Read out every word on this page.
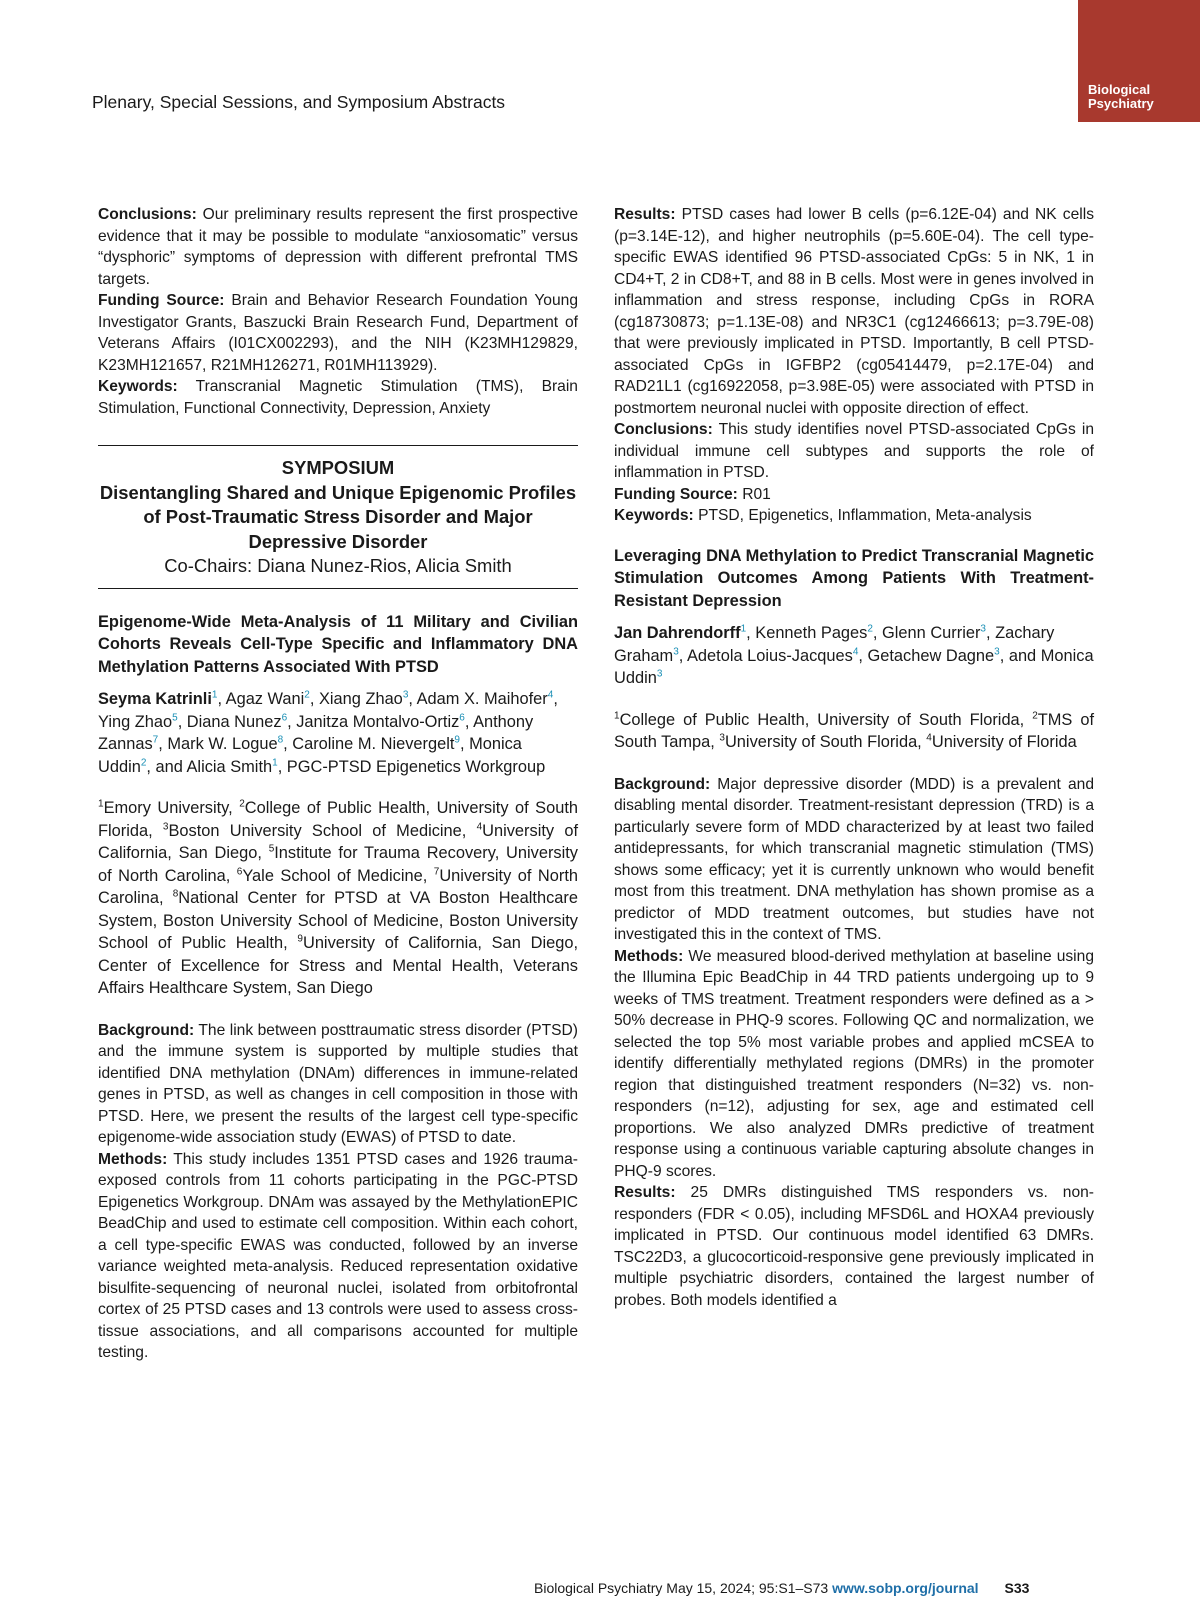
Biological
Psychiatry
Plenary, Special Sessions, and Symposium Abstracts

Conclusions: Our preliminary results represent the first prospective evidence that it may be possible to modulate “anxiosomatic” versus “dysphoric” symptoms of depression with different prefrontal TMS targets.

Funding Source: Brain and Behavior Research Foundation Young Investigator Grants, Baszucki Brain Research Fund, Department of Veterans Affairs (I01CX002293), and the NIH (K23MH129829, K23MH121657, R21MH126271, R01MH113929).

Keywords: Transcranial Magnetic Stimulation (TMS), Brain Stimulation, Functional Connectivity, Depression, Anxiety

SYMPOSIUM
Disentangling Shared and Unique Epigenomic Profiles of Post-Traumatic Stress Disorder and Major Depressive Disorder
Co-Chairs: Diana Nunez-Rios, Alicia Smith
Epigenome-Wide Meta-Analysis of 11 Military and Civilian Cohorts Reveals Cell-Type Specific and Inflammatory DNA Methylation Patterns Associated With PTSD
Seyma Katrinli$^1$, Agaz Wani$^2$, Xiang Zhao$^3$, Adam X. Maihofer$^4$, Ying Zhao$^5$, Diana Nunez$^6$, Janitza Montalvo-Ortiz$^6$, Anthony Zannas$^7$, Mark W. Logue$^8$, Caroline M. Nievergelt$^9$, Monica Uddin$^2$, and Alicia Smith$^1$, PGC-PTSD Epigenetics Workgroup
$^1$Emory University, $^2$College of Public Health, University of South Florida, $^3$Boston University School of Medicine, $^4$University of California, San Diego, $^5$Institute for Trauma Recovery, University of North Carolina, $^6$Yale School of Medicine, $^7$University of North Carolina, $^8$National Center for PTSD at VA Boston Healthcare System, Boston University School of Medicine, Boston University School of Public Health, $^9$University of California, San Diego, Center of Excellence for Stress and Mental Health, Veterans Affairs Healthcare System, San Diego

Background: The link between posttraumatic stress disorder (PTSD) and the immune system is supported by multiple studies that identified DNA methylation (DNAm) differences in immune-related genes in PTSD, as well as changes in cell composition in those with PTSD. Here, we present the results of the largest cell type-specific epigenome-wide association study (EWAS) of PTSD to date.

Methods: This study includes 1351 PTSD cases and 1926 trauma-exposed controls from 11 cohorts participating in the PGC-PTSD Epigenetics Workgroup. DNAm was assayed by the MethylationEPIC BeadChip and used to estimate cell composition. Within each cohort, a cell type-specific EWAS was conducted, followed by an inverse variance weighted meta-analysis. Reduced representation oxidative bisulfite-sequencing of neuronal nuclei, isolated from orbitofrontal cortex of 25 PTSD cases and 13 controls were used to assess cross-tissue associations, and all comparisons accounted for multiple testing.

Results: PTSD cases had lower B cells (p=6.12E-04) and NK cells (p=3.14E-12), and higher neutrophils (p=5.60E-04). The cell type-specific EWAS identified 96 PTSD-associated CpGs: 5 in NK, 1 in CD4+T, 2 in CD8+T, and 88 in B cells. Most were in genes involved in inflammation and stress response, including CpGs in RORA (cg18730873; p=1.13E-08) and NR3C1 (cg12466613; p=3.79E-08) that were previously implicated in PTSD. Importantly, B cell PTSD-associated CpGs in IGFBP2 (cg05414479, p=2.17E-04) and RAD21L1 (cg16922058, p=3.98E-05) were associated with PTSD in postmortem neuronal nuclei with opposite direction of effect.

Conclusions: This study identifies novel PTSD-associated CpGs in individual immune cell subtypes and supports the role of inflammation in PTSD.

Funding Source: R01

Keywords: PTSD, Epigenetics, Inflammation, Meta-analysis

Leveraging DNA Methylation to Predict Transcranial Magnetic Stimulation Outcomes Among Patients With Treatment-Resistant Depression
Jan Dahrendorff$^1$, Kenneth Pages$^2$, Glenn Currier$^3$, Zachary Graham$^3$, Adetola Loius-Jacques$^4$, Getachew Dagne$^3$, and Monica Uddin$^3$
$^1$College of Public Health, University of South Florida, $^2$TMS of South Tampa, $^3$University of South Florida, $^4$University of Florida

Background: Major depressive disorder (MDD) is a prevalent and disabling mental disorder. Treatment-resistant depression (TRD) is a particularly severe form of MDD characterized by at least two failed antidepressants, for which transcranial magnetic stimulation (TMS) shows some efficacy; yet it is currently unknown who would benefit most from this treatment. DNA methylation has shown promise as a predictor of MDD treatment outcomes, but studies have not investigated this in the context of TMS.

Methods: We measured blood-derived methylation at baseline using the Illumina Epic BeadChip in 44 TRD patients undergoing up to 9 weeks of TMS treatment. Treatment responders were defined as a > 50% decrease in PHQ-9 scores. Following QC and normalization, we selected the top 5% most variable probes and applied mCSEA to identify differentially methylated regions (DMRs) in the promoter region that distinguished treatment responders (N=32) vs. non-responders (n=12), adjusting for sex, age and estimated cell proportions. We also analyzed DMRs predictive of treatment response using a continuous variable capturing absolute changes in PHQ-9 scores.

Results: 25 DMRs distinguished TMS responders vs. non-responders (FDR < 0.05), including MFSD6L and HOXA4 previously implicated in PTSD. Our continuous model identified 63 DMRs. TSC22D3, a glucocorticoid-responsive gene previously implicated in multiple psychiatric disorders, contained the largest number of probes. Both models identified a

Biological Psychiatry May 15, 2024; 95:S1–S73 www.sobp.org/journal S33
